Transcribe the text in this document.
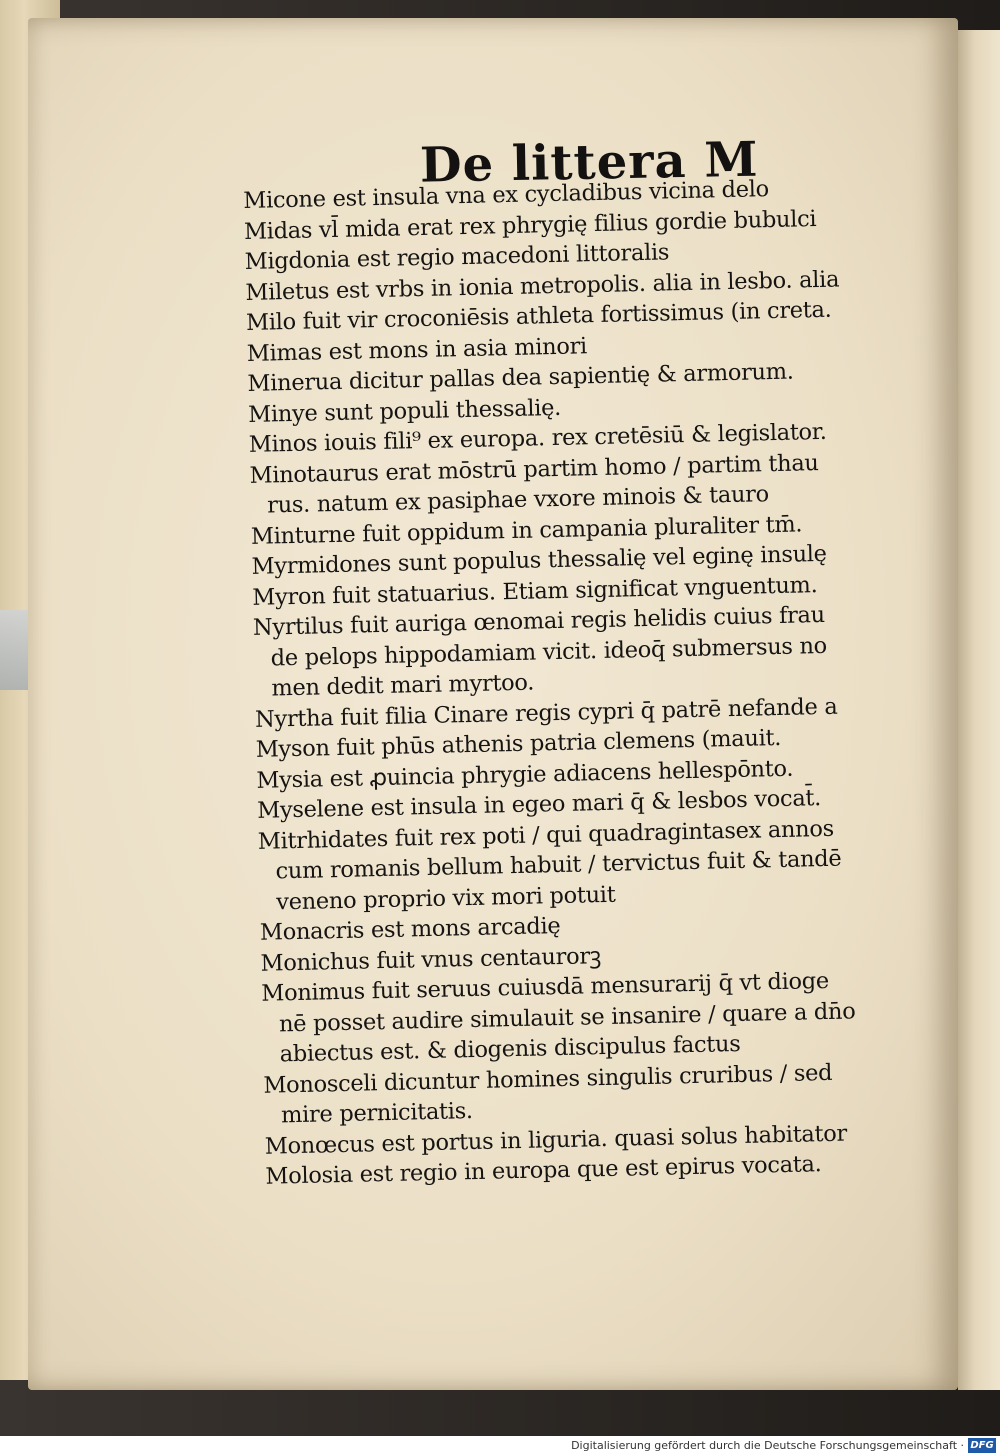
De littera M
Micone est insula vna ex cycladibus vicina delo
Midas vl̄ mida erat rex phrygię filius gordie bubulci
Migdonia est regio macedoni littoralis
Miletus est vrbs in ionia metropolis. alia in lesbo. alia
Milo fuit vir croconiēsis athleta fortissimus (in creta.
Mimas est mons in asia minori
Minerua dicitur pallas dea sapientię & armorum.
Minye sunt populi thessalię.
Minos iouis fili⁹ ex europa. rex cretēsiū & legislator.
Minotaurus erat mōstrū partim homo / partim thau
rus. natum ex pasiphae vxore minois & tauro
Minturne fuit oppidum in campania pluraliter tm̄.
Myrmidones sunt populus thessalię vel eginę insulę
Myron fuit statuarius. Etiam significat vnguentum.
Nyrtilus fuit auriga œnomai regis helidis cuius frau
de pelops hippodamiam vicit. ideoq̄ submersus no
men dedit mari myrtoo.
Nyrtha fuit filia Cinare regis cypri q̄ patrē nefande a
Myson fuit phūs athenis patria clemens (mauit.
Mysia est ꝓuincia phrygie adiacens hellespōnto.
Myselene est insula in egeo mari q̄ & lesbos vocat̄.
Mitrhidates fuit rex poti / qui quadragintasex annos
cum romanis bellum habuit / tervictus fuit & tandē
veneno proprio vix mori potuit
Monacris est mons arcadię
Monichus fuit vnus centaurorꝫ
Monimus fuit seruus cuiusdā mensurarij q̄ vt dioge
nē posset audire simulauit se insanire / quare a dn̄o
abiectus est. & diogenis discipulus factus
Monosceli dicuntur homines singulis cruribus / sed
mire pernicitatis.
Monœcus est portus in liguria. quasi solus habitator
Molosia est regio in europa que est epirus vocata.
Digitalisierung gefördert durch die Deutsche Forschungsgemeinschaft · DFG
